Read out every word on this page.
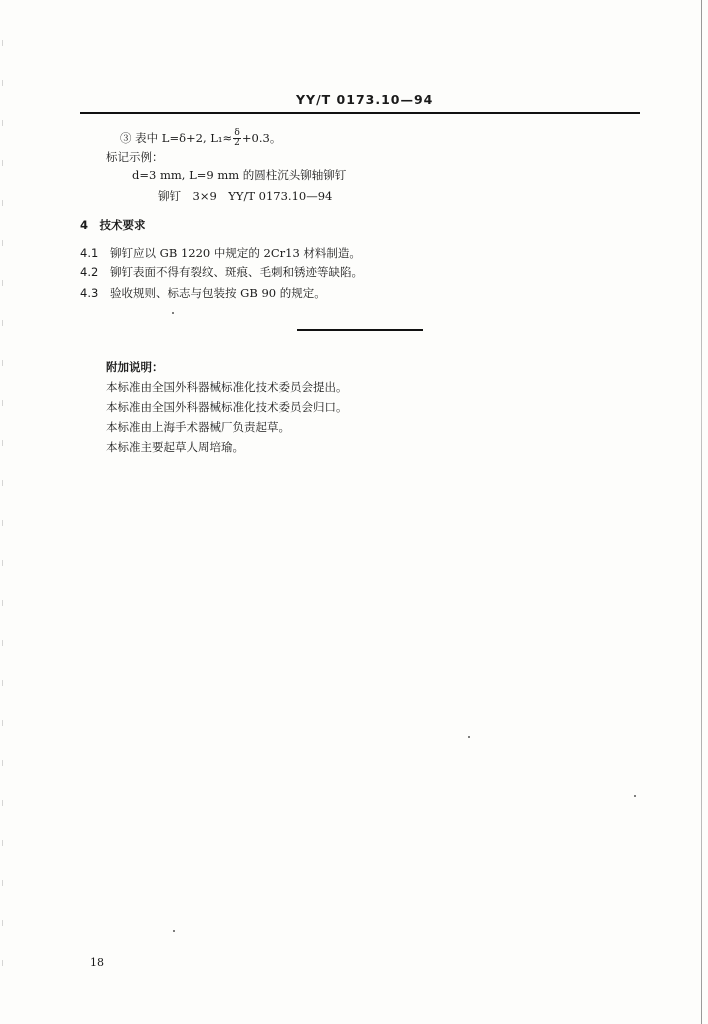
YY/T 0173.10—94
③ 表中 L=δ+2, $L_1\approx \frac{\delta}{2} +0.3$。
标记示例：
d=3 mm, L=9 mm 的圆柱沉头铆轴铆钉
铆钉　3×9　YY/T 0173.10—94
4　技术要求
4.1 铆钉应以 GB 1220 中规定的 2Cr13 材料制造。
4.2 铆钉表面不得有裂纹、斑痕、毛刺和锈迹等缺陷。
4.3 验收规则、标志与包装按 GB 90 的规定。
附加说明：
本标准由全国外科器械标准化技术委员会提出。
本标准由全国外科器械标准化技术委员会归口。
本标准由上海手术器械厂负责起草。
本标准主要起草人周培瑜。
18
